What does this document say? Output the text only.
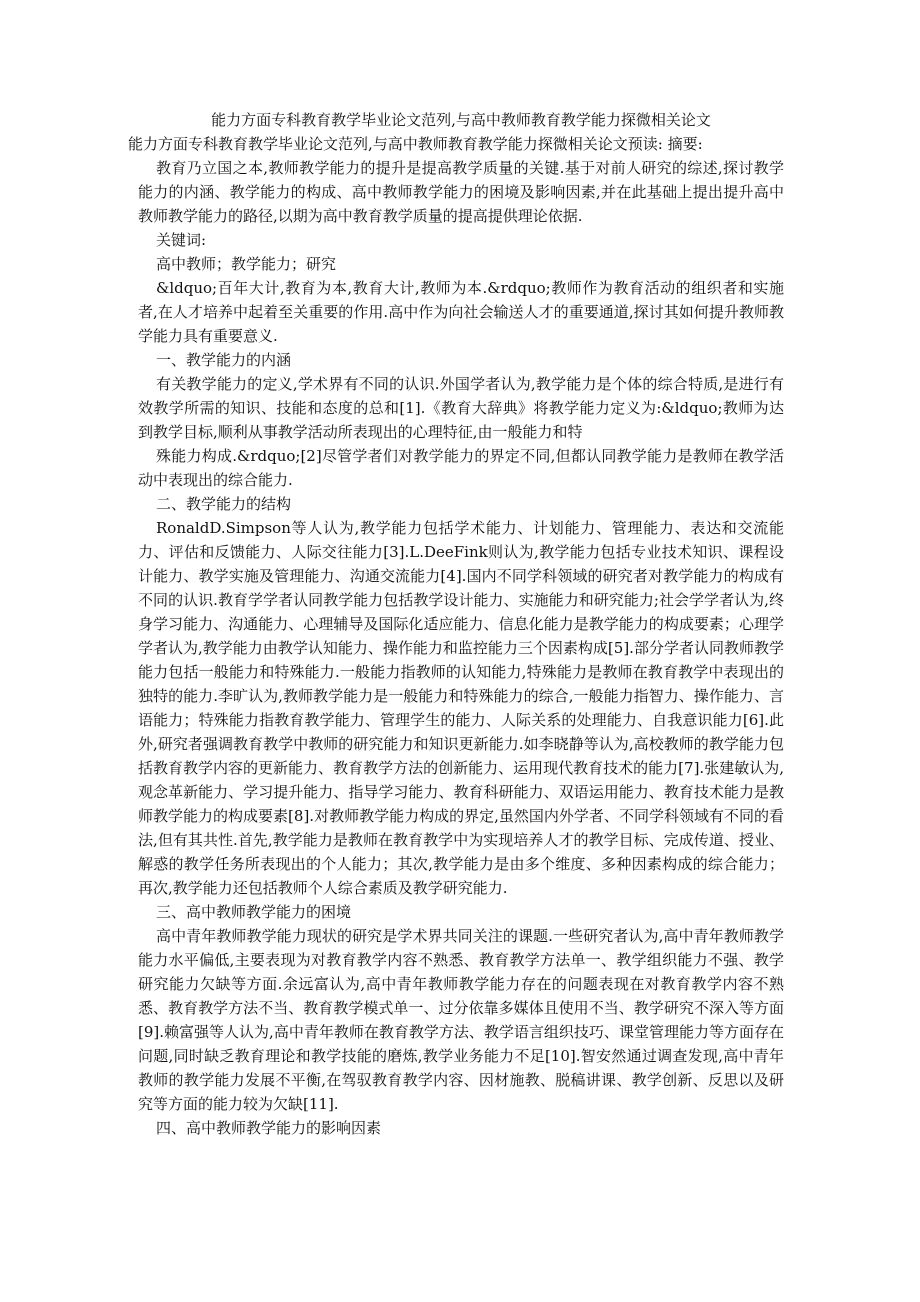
能力方面专科教育教学毕业论文范列,与高中教师教育教学能力探微相关论文

能力方面专科教育教学毕业论文范列,与高中教师教育教学能力探微相关论文预读: 摘要:

教育乃立国之本,教师教学能力的提升是提高教学质量的关键.基于对前人研究的综述,探讨教学能力的内涵、教学能力的构成、高中教师教学能力的困境及影响因素,并在此基础上提出提升高中教师教学能力的路径,以期为高中教育教学质量的提高提供理论依据.

关键词:

高中教师；教学能力；研究

&ldquo;百年大计,教育为本,教育大计,教师为本.&rdquo;教师作为教育活动的组织者和实施者,在人才培养中起着至关重要的作用.高中作为向社会输送人才的重要通道,探讨其如何提升教师教学能力具有重要意义.

一、教学能力的内涵

有关教学能力的定义,学术界有不同的认识.外国学者认为,教学能力是个体的综合特质,是进行有效教学所需的知识、技能和态度的总和[1].《教育大辞典》将教学能力定义为:&ldquo;教师为达到教学目标,顺利从事教学活动所表现出的心理特征,由一般能力和特

殊能力构成.&rdquo;[2]尽管学者们对教学能力的界定不同,但都认同教学能力是教师在教学活动中表现出的综合能力.

二、教学能力的结构

RonaldD.Simpson等人认为,教学能力包括学术能力、计划能力、管理能力、表达和交流能力、评估和反馈能力、人际交往能力[3].L.DeeFink则认为,教学能力包括专业技术知识、课程设计能力、教学实施及管理能力、沟通交流能力[4].国内不同学科领域的研究者对教学能力的构成有不同的认识.教育学学者认同教学能力包括教学设计能力、实施能力和研究能力;社会学学者认为,终身学习能力、沟通能力、心理辅导及国际化适应能力、信息化能力是教学能力的构成要素；心理学学者认为,教学能力由教学认知能力、操作能力和监控能力三个因素构成[5].部分学者认同教师教学能力包括一般能力和特殊能力.一般能力指教师的认知能力,特殊能力是教师在教育教学中表现出的独特的能力.李旷认为,教师教学能力是一般能力和特殊能力的综合,一般能力指智力、操作能力、言语能力；特殊能力指教育教学能力、管理学生的能力、人际关系的处理能力、自我意识能力[6].此外,研究者强调教育教学中教师的研究能力和知识更新能力.如李晓静等认为,高校教师的教学能力包括教育教学内容的更新能力、教育教学方法的创新能力、运用现代教育技术的能力[7].张建敏认为,观念革新能力、学习提升能力、指导学习能力、教育科研能力、双语运用能力、教育技术能力是教师教学能力的构成要素[8].对教师教学能力构成的界定,虽然国内外学者、不同学科领域有不同的看法,但有其共性.首先,教学能力是教师在教育教学中为实现培养人才的教学目标、完成传道、授业、解惑的教学任务所表现出的个人能力；其次,教学能力是由多个维度、多种因素构成的综合能力；再次,教学能力还包括教师个人综合素质及教学研究能力.

三、高中教师教学能力的困境

高中青年教师教学能力现状的研究是学术界共同关注的课题.一些研究者认为,高中青年教师教学能力水平偏低,主要表现为对教育教学内容不熟悉、教育教学方法单一、教学组织能力不强、教学研究能力欠缺等方面.余远富认为,高中青年教师教学能力存在的问题表现在对教育教学内容不熟悉、教育教学方法不当、教育教学模式单一、过分依靠多媒体且使用不当、教学研究不深入等方面[9].赖富强等人认为,高中青年教师在教育教学方法、教学语言组织技巧、课堂管理能力等方面存在问题,同时缺乏教育理论和教学技能的磨炼,教学业务能力不足[10].智安然通过调查发现,高中青年教师的教学能力发展不平衡,在驾驭教育教学内容、因材施教、脱稿讲课、教学创新、反思以及研究等方面的能力较为欠缺[11].

四、高中教师教学能力的影响因素
